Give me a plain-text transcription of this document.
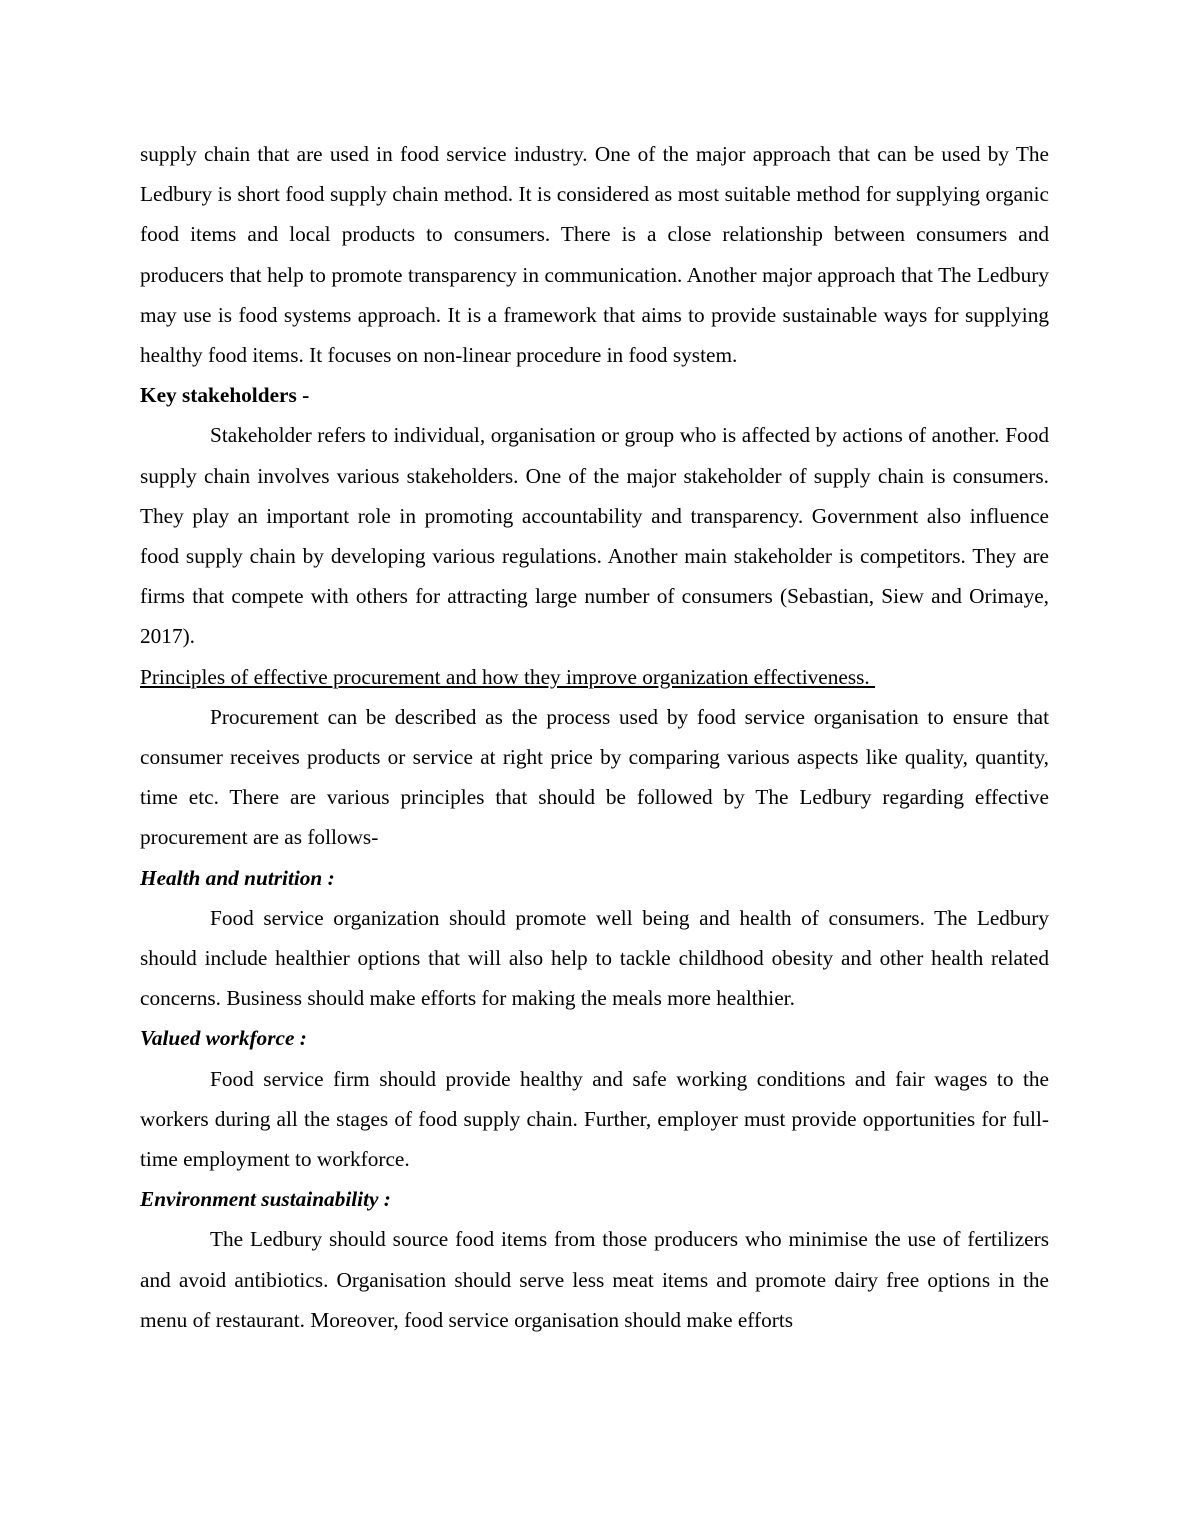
supply chain that are used in food service industry. One of the major approach that can be used by The Ledbury is short food supply chain method. It is considered as most suitable method for supplying organic food items and local products to consumers. There is a close relationship between consumers and producers that help to promote transparency in communication. Another major approach that The Ledbury may use is food systems approach. It is a framework that aims to provide sustainable ways for supplying healthy food items. It focuses on non-linear procedure in food system.

Key stakeholders -

Stakeholder refers to individual, organisation or group who is affected by actions of another. Food supply chain involves various stakeholders. One of the major stakeholder of supply chain is consumers. They play an important role in promoting accountability and transparency. Government also influence food supply chain by developing various regulations. Another main stakeholder is competitors. They are firms that compete with others for attracting large number of consumers (Sebastian, Siew and Orimaye, 2017).

Principles of effective procurement and how they improve organization effectiveness.

Procurement can be described as the process used by food service organisation to ensure that consumer receives products or service at right price by comparing various aspects like quality, quantity, time etc. There are various principles that should be followed by The Ledbury regarding effective procurement are as follows-

Health and nutrition :

Food service organization should promote well being and health of consumers. The Ledbury should include healthier options that will also help to tackle childhood obesity and other health related concerns. Business should make efforts for making the meals more healthier.

Valued workforce :

Food service firm should provide healthy and safe working conditions and fair wages to the workers during all the stages of food supply chain. Further, employer must provide opportunities for full-time employment to workforce.

Environment sustainability :

The Ledbury should source food items from those producers who minimise the use of fertilizers and avoid antibiotics. Organisation should serve less meat items and promote dairy free options in the menu of restaurant. Moreover, food service organisation should make efforts
